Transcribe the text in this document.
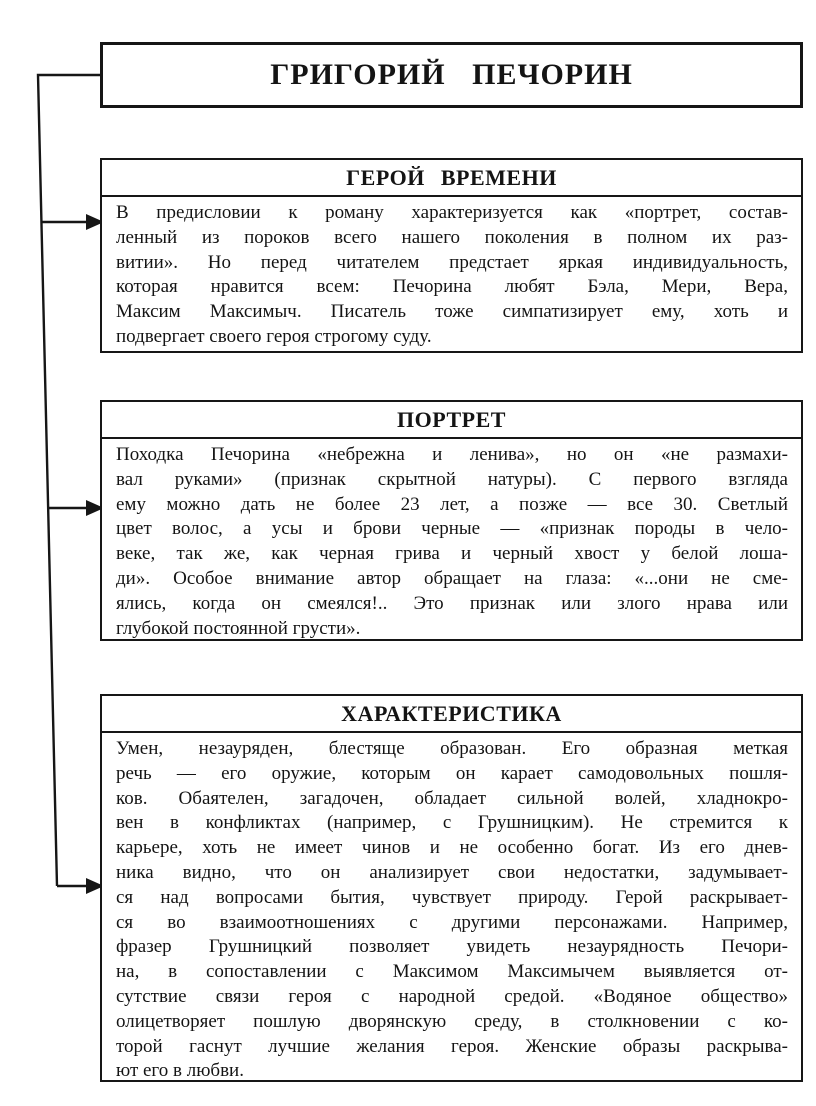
ГРИГОРИЙ ПЕЧОРИН
ГЕРОЙ ВРЕМЕНИ
В предисловии к роману характеризуется как «портрет, состав-
ленный из пороков всего нашего поколения в полном их раз-
витии». Но перед читателем предстает яркая индивидуальность,
которая нравится всем: Печорина любят Бэла, Мери, Вера,
Максим Максимыч. Писатель тоже симпатизирует ему, хоть и
подвергает своего героя строгому суду.
ПОРТРЕТ
Походка Печорина «небрежна и ленива», но он «не размахи-
вал руками» (признак скрытной натуры). С первого взгляда
ему можно дать не более 23 лет, а позже — все 30. Светлый
цвет волос, а усы и брови черные — «признак породы в чело-
веке, так же, как черная грива и черный хвост у белой лоша-
ди». Особое внимание автор обращает на глаза: «...они не сме-
ялись, когда он смеялся!.. Это признак или злого нрава или
глубокой постоянной грусти».
ХАРАКТЕРИСТИКА
Умен, незауряден, блестяще образован. Его образная меткая
речь — его оружие, которым он карает самодовольных пошля-
ков. Обаятелен, загадочен, обладает сильной волей, хладнокро-
вен в конфликтах (например, с Грушницким). Не стремится к
карьере, хоть не имеет чинов и не особенно богат. Из его днев-
ника видно, что он анализирует свои недостатки, задумывает-
ся над вопросами бытия, чувствует природу. Герой раскрывает-
ся во взаимоотношениях с другими персонажами. Например,
фразер Грушницкий позволяет увидеть незаурядность Печори-
на, в сопоставлении с Максимом Максимычем выявляется от-
сутствие связи героя с народной средой. «Водяное общество»
олицетворяет пошлую дворянскую среду, в столкновении с ко-
торой гаснут лучшие желания героя. Женские образы раскрыва-
ют его в любви.
